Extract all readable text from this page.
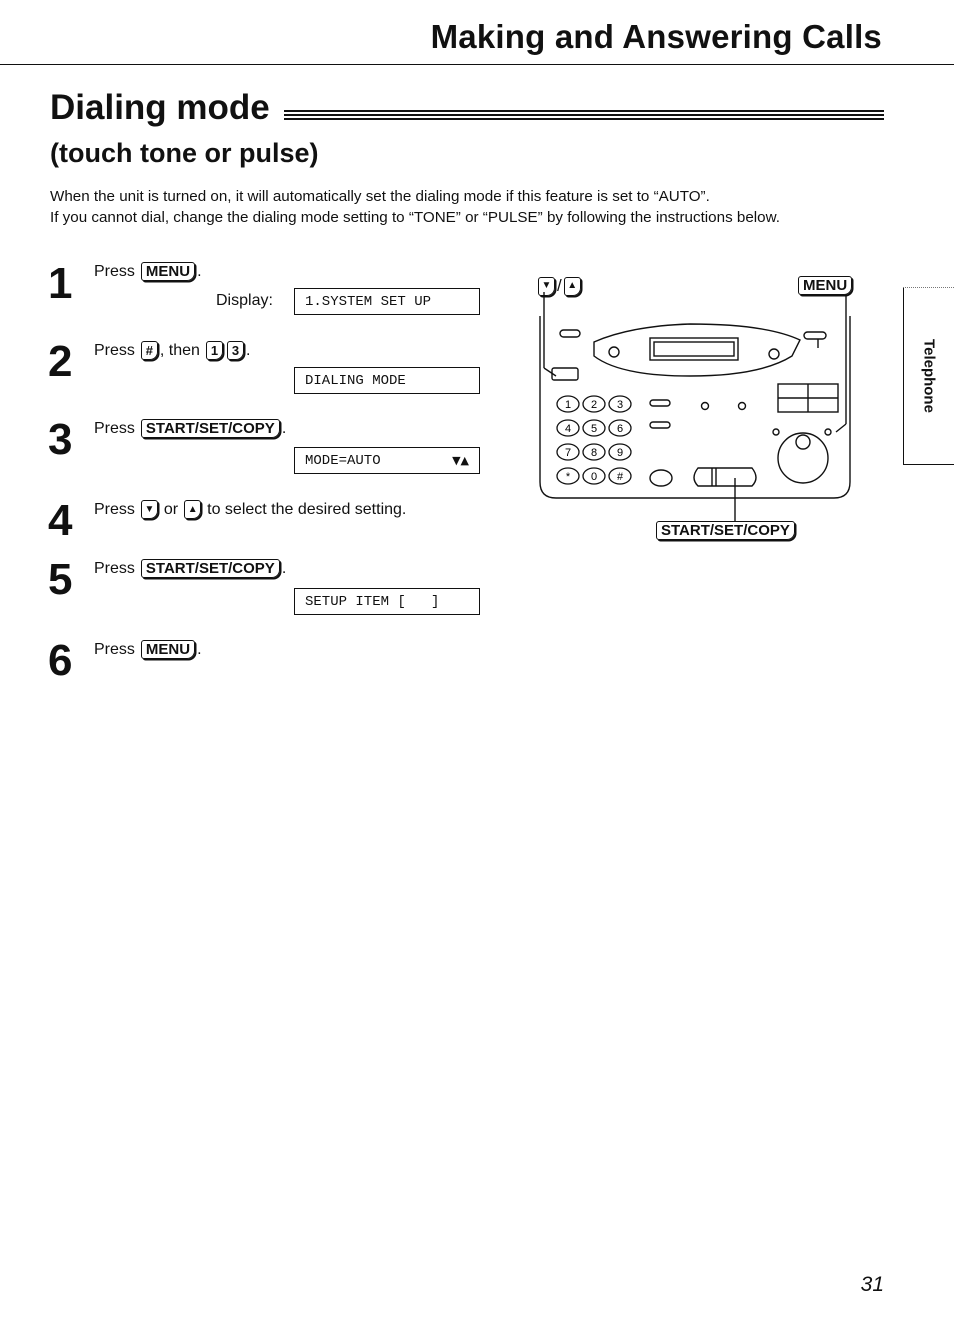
Making and Answering Calls
Dialing mode
(touch tone or pulse)

When the unit is turned on, it will automatically set the dialing mode if this feature is set to “AUTO”.

If you cannot dial, change the dialing mode setting to “TONE” or “PULSE” by following the instructions below.

1 Press MENU .
Display: 1.SYSTEM SET UP
2 Press # , then 1	3 .
DIALING MODE
3 Press START/SET/COPY .
MODE=AUTO	▼▲
4 Press ▼ or ▲ to select the desired setting.
5 Press START/SET/COPY .
SETUP ITEM [   ]
6 Press MENU .
▼ / ▲	MENU
START/SET/COPY
1 2 3
4 5 6
7 8 9
* 0 #
Telephone
31
